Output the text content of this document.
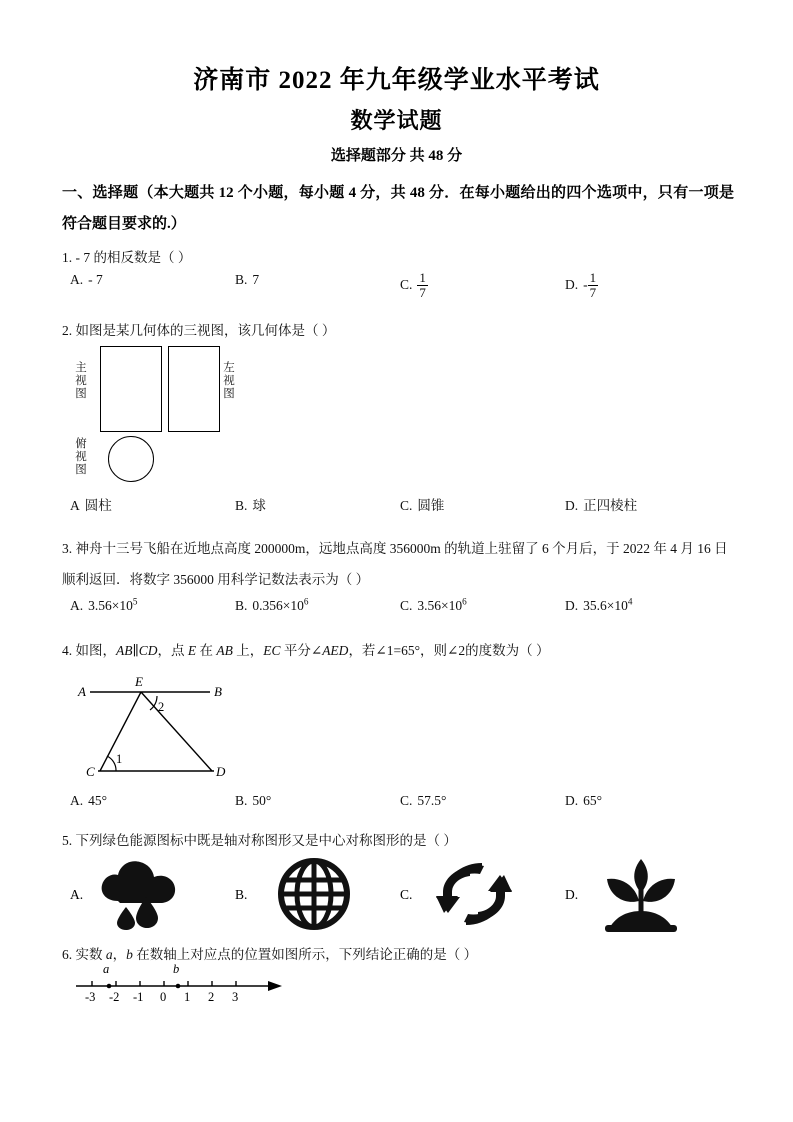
济南市 2022 年九年级学业水平考试
数学试题
选择题部分 共 48 分
一、选择题（本大题共 12 个小题，每小题 4 分，共 48 分．在每小题给出的四个选项中，只有一项是符合题目要求的.）
1. - 7 的相反数是（ ）
A. - 7	B. 7	C. $\frac{1}{7}$	D. - $\frac{1}{7}$
2. 如图是某几何体的三视图，该几何体是（ ）
主视图
左视图
俯视图
A 圆柱	B. 球	C. 圆锥	D. 正四棱柱
3. 神舟十三号飞船在近地点高度 200000m，远地点高度 356000m 的轨道上驻留了 6 个月后，于 2022 年 4 月 16 日顺利返回．将数字 356000 用科学记数法表示为（ ）
A. $3.56\times 10^5$	B. $0.356\times 10^6$	C. $3.56\times 10^6$	D. $35.6\times 10^4$
4. 如图，AB∥CD，点 E 在 AB 上，EC 平分∠AED，若∠1=65°，则∠2的度数为（ ）
A	B
E
C	D
2
1
A. 45°	B. 50°	C. 57.5°	D. 65°
5. 下列绿色能源图标中既是轴对称图形又是中心对称图形的是（ ）
A.	B.	C.	D.
6. 实数 a，b 在数轴上对应点的位置如图所示，下列结论正确的是（ ）
a	b
-3 -2 -1 0 1 2 3
